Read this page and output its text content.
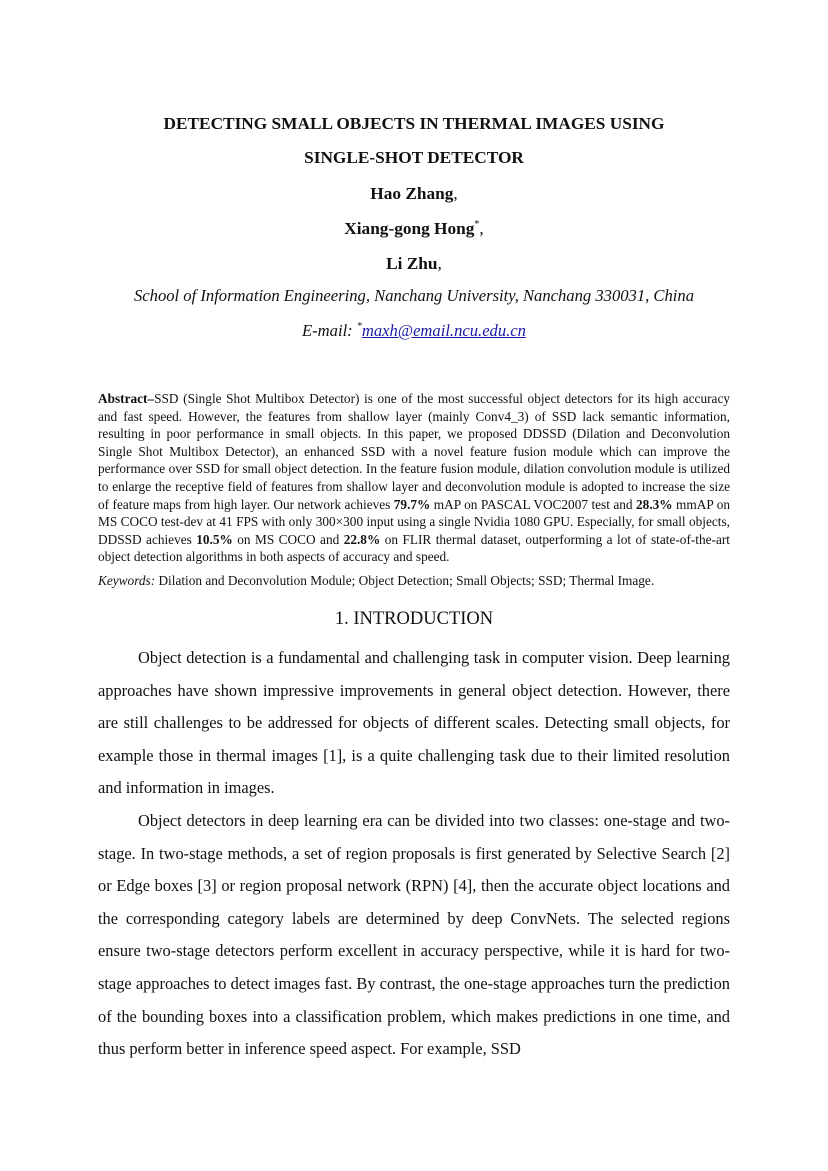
DETECTING SMALL OBJECTS IN THERMAL IMAGES USING
SINGLE-SHOT DETECTOR
Hao Zhang,
Xiang-gong Hong*,
Li Zhu,
School of Information Engineering, Nanchang University, Nanchang 330031, China
E-mail: *maxh@email.ncu.edu.cn
Abstract–SSD (Single Shot Multibox Detector) is one of the most successful object detectors for its high accuracy and fast speed. However, the features from shallow layer (mainly Conv4_3) of SSD lack semantic information, resulting in poor performance in small objects. In this paper, we proposed DDSSD (Dilation and Deconvolution Single Shot Multibox Detector), an enhanced SSD with a novel feature fusion module which can improve the performance over SSD for small object detection. In the feature fusion module, dilation convolution module is utilized to enlarge the receptive field of features from shallow layer and deconvolution module is adopted to increase the size of feature maps from high layer. Our network achieves 79.7% mAP on PASCAL VOC2007 test and 28.3% mmAP on MS COCO test-dev at 41 FPS with only 300×300 input using a single Nvidia 1080 GPU. Especially, for small objects, DDSSD achieves 10.5% on MS COCO and 22.8% on FLIR thermal dataset, outperforming a lot of state-of-the-art object detection algorithms in both aspects of accuracy and speed.
Keywords: Dilation and Deconvolution Module; Object Detection; Small Objects; SSD; Thermal Image.
1. INTRODUCTION

Object detection is a fundamental and challenging task in computer vision. Deep learning approaches have shown impressive improvements in general object detection. However, there are still challenges to be addressed for objects of different scales. Detecting small objects, for example those in thermal images [1], is a quite challenging task due to their limited resolution and information in images.

Object detectors in deep learning era can be divided into two classes: one-stage and two-stage. In two-stage methods, a set of region proposals is first generated by Selective Search [2] or Edge boxes [3] or region proposal network (RPN) [4], then the accurate object locations and the corresponding category labels are determined by deep ConvNets. The selected regions ensure two-stage detectors perform excellent in accuracy perspective, while it is hard for two-stage approaches to detect images fast. By contrast, the one-stage approaches turn the prediction of the bounding boxes into a classification problem, which makes predictions in one time, and thus perform better in inference speed aspect. For example, SSD
